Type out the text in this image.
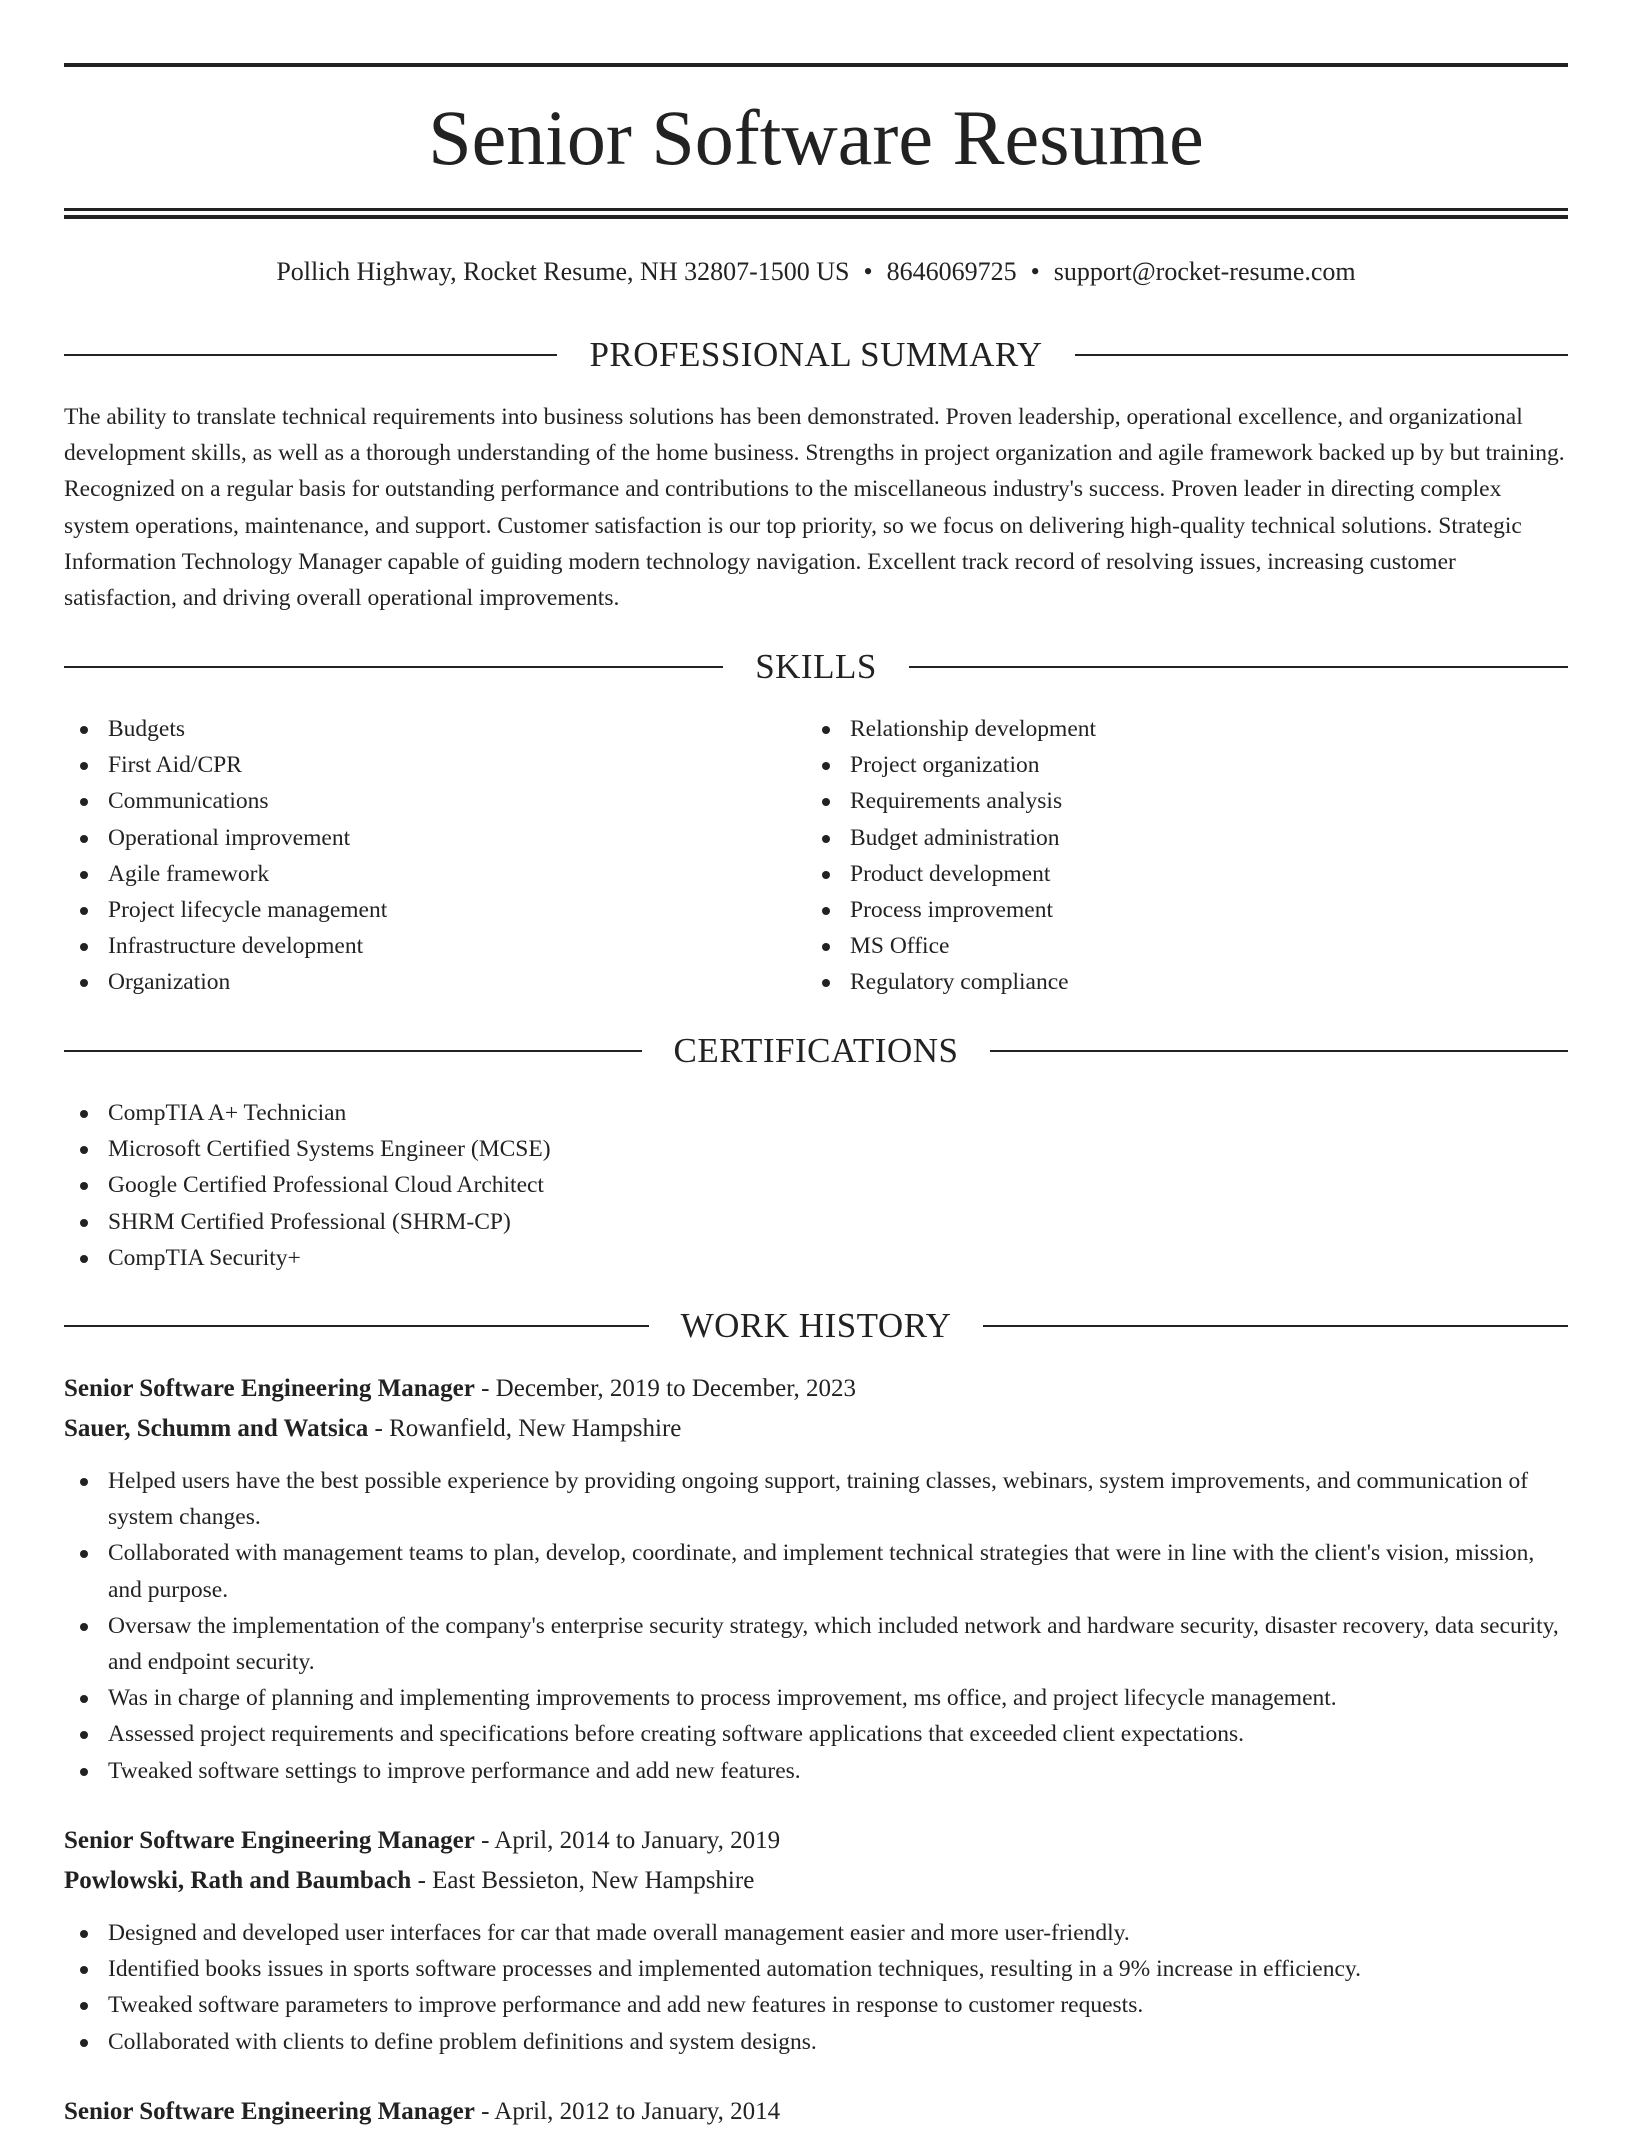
Senior Software Resume
Pollich Highway, Rocket Resume, NH 32807-1500 US • 8646069725 • support@rocket-resume.com
PROFESSIONAL SUMMARY

The ability to translate technical requirements into business solutions has been demonstrated. Proven leadership, operational excellence, and organizational development skills, as well as a thorough understanding of the home business. Strengths in project organization and agile framework backed up by but training. Recognized on a regular basis for outstanding performance and contributions to the miscellaneous industry's success. Proven leader in directing complex system operations, maintenance, and support. Customer satisfaction is our top priority, so we focus on delivering high-quality technical solutions. Strategic Information Technology Manager capable of guiding modern technology navigation. Excellent track record of resolving issues, increasing customer satisfaction, and driving overall operational improvements.

SKILLS
Budgets
First Aid/CPR
Communications
Operational improvement
Agile framework
Project lifecycle management
Infrastructure development
Organization
Relationship development
Project organization
Requirements analysis
Budget administration
Product development
Process improvement
MS Office
Regulatory compliance
CERTIFICATIONS
CompTIA A+ Technician
Microsoft Certified Systems Engineer (MCSE)
Google Certified Professional Cloud Architect
SHRM Certified Professional (SHRM-CP)
CompTIA Security+
WORK HISTORY
Senior Software Engineering Manager - December, 2019 to December, 2023
Sauer, Schumm and Watsica - Rowanfield, New Hampshire
Helped users have the best possible experience by providing ongoing support, training classes, webinars, system improvements, and communication of system changes.
Collaborated with management teams to plan, develop, coordinate, and implement technical strategies that were in line with the client's vision, mission, and purpose.
Oversaw the implementation of the company's enterprise security strategy, which included network and hardware security, disaster recovery, data security, and endpoint security.
Was in charge of planning and implementing improvements to process improvement, ms office, and project lifecycle management.
Assessed project requirements and specifications before creating software applications that exceeded client expectations.
Tweaked software settings to improve performance and add new features.
Senior Software Engineering Manager - April, 2014 to January, 2019
Powlowski, Rath and Baumbach - East Bessieton, New Hampshire
Designed and developed user interfaces for car that made overall management easier and more user-friendly.
Identified books issues in sports software processes and implemented automation techniques, resulting in a 9% increase in efficiency.
Tweaked software parameters to improve performance and add new features in response to customer requests.
Collaborated with clients to define problem definitions and system designs.
Senior Software Engineering Manager - April, 2012 to January, 2014
